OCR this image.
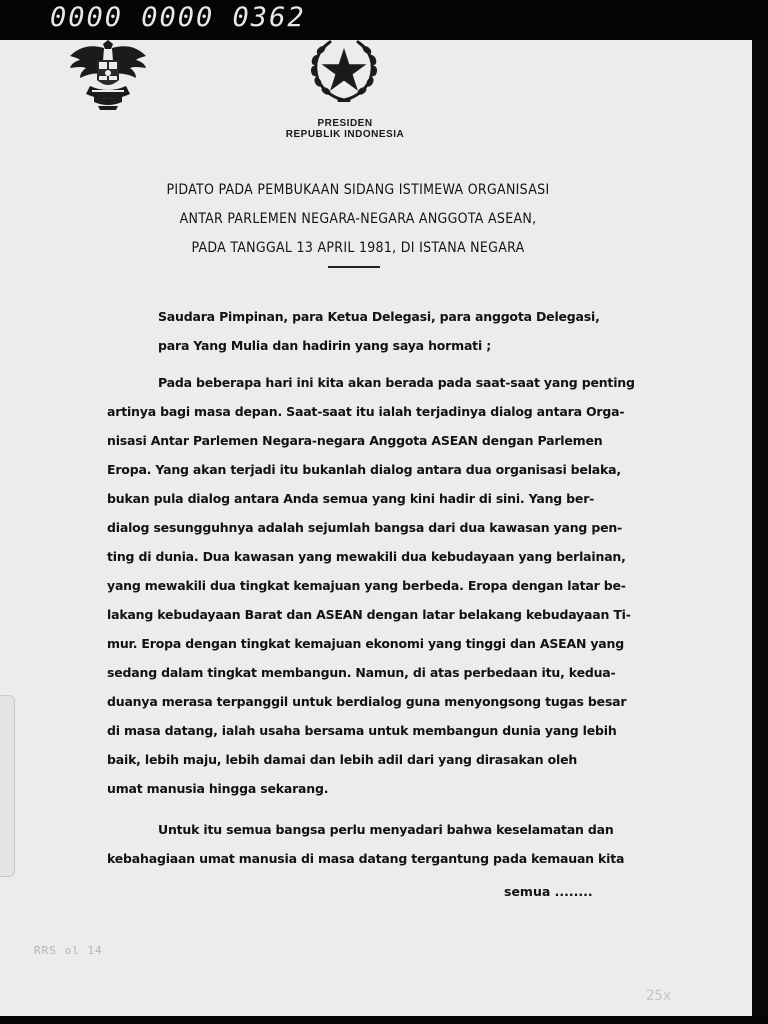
0000 0000 0362
PRESIDEN
REPUBLIK INDONESIA
PIDATO PADA PEMBUKAAN SIDANG ISTIMEWA ORGANISASI
ANTAR PARLEMEN NEGARA-NEGARA ANGGOTA ASEAN,
PADA TANGGAL 13 APRIL 1981, DI ISTANA NEGARA
Saudara Pimpinan, para Ketua Delegasi, para anggota Delegasi,
para Yang Mulia dan hadirin yang saya hormati ;
Pada beberapa hari ini kita akan berada pada saat-saat yang penting
artinya bagi masa depan. Saat-saat itu ialah terjadinya dialog antara Orga-
nisasi Antar Parlemen Negara-negara Anggota ASEAN dengan Parlemen
Eropa. Yang akan terjadi itu bukanlah dialog antara dua organisasi belaka,
bukan pula dialog antara Anda semua yang kini hadir di sini. Yang ber-
dialog sesungguhnya adalah sejumlah bangsa dari dua kawasan yang pen-
ting di dunia. Dua kawasan yang mewakili dua kebudayaan yang berlainan,
yang mewakili dua tingkat kemajuan yang berbeda. Eropa dengan latar be-
lakang kebudayaan Barat dan ASEAN dengan latar belakang kebudayaan Ti-
mur. Eropa dengan tingkat kemajuan ekonomi yang tinggi dan ASEAN yang
sedang dalam tingkat membangun. Namun, di atas perbedaan itu, kedua-
duanya merasa terpanggil untuk berdialog guna menyongsong tugas besar
di masa datang, ialah usaha bersama untuk membangun dunia yang lebih
baik, lebih maju, lebih damai dan lebih adil dari yang dirasakan oleh
umat manusia hingga sekarang.
Untuk itu semua bangsa perlu menyadari bahwa keselamatan dan
kebahagiaan umat manusia di masa datang tergantung pada kemauan kita
semua ........
RRS ol 14
25x
